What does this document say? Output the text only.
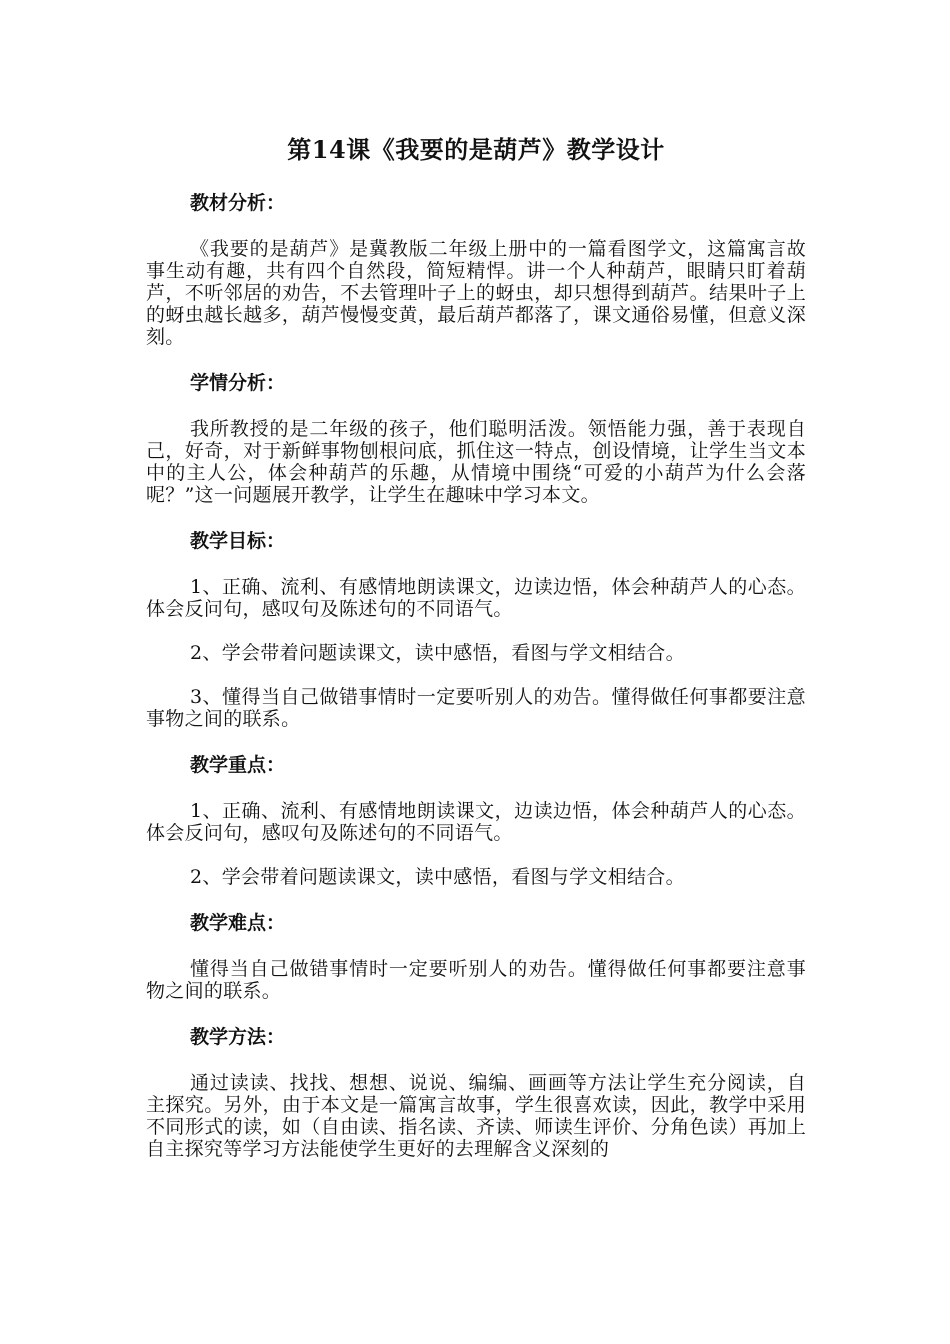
第14课《我要的是葫芦》教学设计
教材分析：

《我要的是葫芦》是冀教版二年级上册中的一篇看图学文，这篇寓言故事生动有趣，共有四个自然段，简短精悍。讲一个人种葫芦，眼睛只盯着葫芦，不听邻居的劝告，不去管理叶子上的蚜虫，却只想得到葫芦。结果叶子上的蚜虫越长越多，葫芦慢慢变黄，最后葫芦都落了，课文通俗易懂，但意义深刻。

学情分析：

我所教授的是二年级的孩子，他们聪明活泼。领悟能力强，善于表现自己，好奇，对于新鲜事物刨根问底，抓住这一特点，创设情境，让学生当文本中的主人公，体会种葫芦的乐趣，从情境中围绕“可爱的小葫芦为什么会落呢？”这一问题展开教学，让学生在趣味中学习本文。

教学目标：

1、正确、流利、有感情地朗读课文，边读边悟，体会种葫芦人的心态。体会反问句，感叹句及陈述句的不同语气。

2、学会带着问题读课文，读中感悟，看图与学文相结合。

3、懂得当自己做错事情时一定要听别人的劝告。懂得做任何事都要注意事物之间的联系。

教学重点：

1、正确、流利、有感情地朗读课文，边读边悟，体会种葫芦人的心态。体会反问句，感叹句及陈述句的不同语气。

2、学会带着问题读课文，读中感悟，看图与学文相结合。

教学难点：

懂得当自己做错事情时一定要听别人的劝告。懂得做任何事都要注意事物之间的联系。

教学方法：

通过读读、找找、想想、说说、编编、画画等方法让学生充分阅读，自主探究。另外，由于本文是一篇寓言故事，学生很喜欢读，因此，教学中采用不同形式的读，如（自由读、指名读、齐读、师读生评价、分角色读）再加上自主探究等学习方法能使学生更好的去理解含义深刻的
